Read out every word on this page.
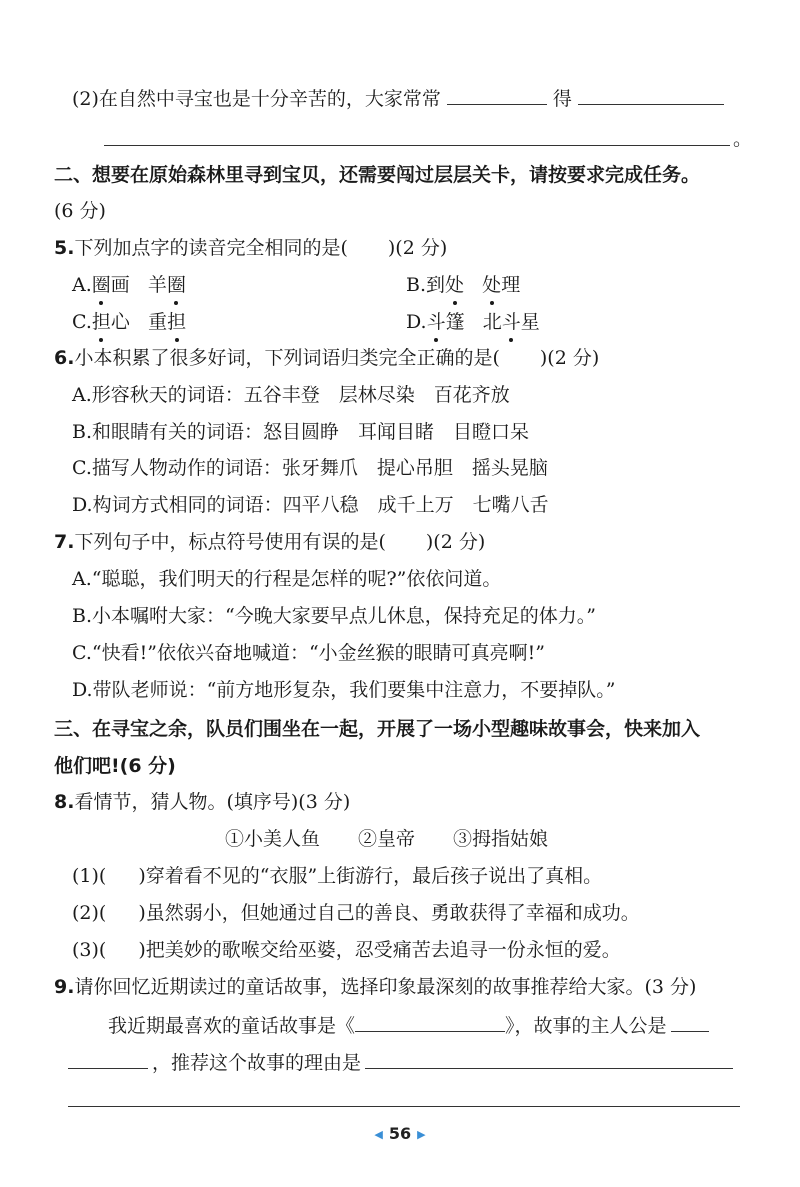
(2)在自然中寻宝也是十分辛苦的，大家常常	得
。
二、想要在原始森林里寻到宝贝，还需要闯过层层关卡，请按要求完成任务。
(6 分)
5.下列加点字的读音完全相同的是( )(2 分)
A.圈画 羊圈	B.到处 处理
C.担心 重担	D.斗篷 北斗星
6.小本积累了很多好词，下列词语归类完全正确的是( )(2 分)
A.形容秋天的词语：五谷丰登　层林尽染　百花齐放
B.和眼睛有关的词语：怒目圆睁　耳闻目睹　目瞪口呆
C.描写人物动作的词语：张牙舞爪　提心吊胆　摇头晃脑
D.构词方式相同的词语：四平八稳　成千上万　七嘴八舌
7.下列句子中，标点符号使用有误的是( )(2 分)
A.“聪聪，我们明天的行程是怎样的呢?”依依问道。
B.小本嘱咐大家：“今晚大家要早点儿休息，保持充足的体力。”
C.“快看!”依依兴奋地喊道：“小金丝猴的眼睛可真亮啊!”
D.带队老师说：“前方地形复杂，我们要集中注意力，不要掉队。”
三、在寻宝之余，队员们围坐在一起，开展了一场小型趣味故事会，快来加入
他们吧!(6 分)
8.看情节，猜人物。(填序号)(3 分)
①小美人鱼　　②皇帝　　③拇指姑娘
(1)( )穿着看不见的“衣服”上街游行，最后孩子说出了真相。
(2)( )虽然弱小，但她通过自己的善良、勇敢获得了幸福和成功。
(3)( )把美妙的歌喉交给巫婆，忍受痛苦去追寻一份永恒的爱。
9.请你回忆近期读过的童话故事，选择印象最深刻的故事推荐给大家。(3 分)
我近期最喜欢的童话故事是《	》，故事的主人公是
，推荐这个故事的理由是
◀ 56 ▶
